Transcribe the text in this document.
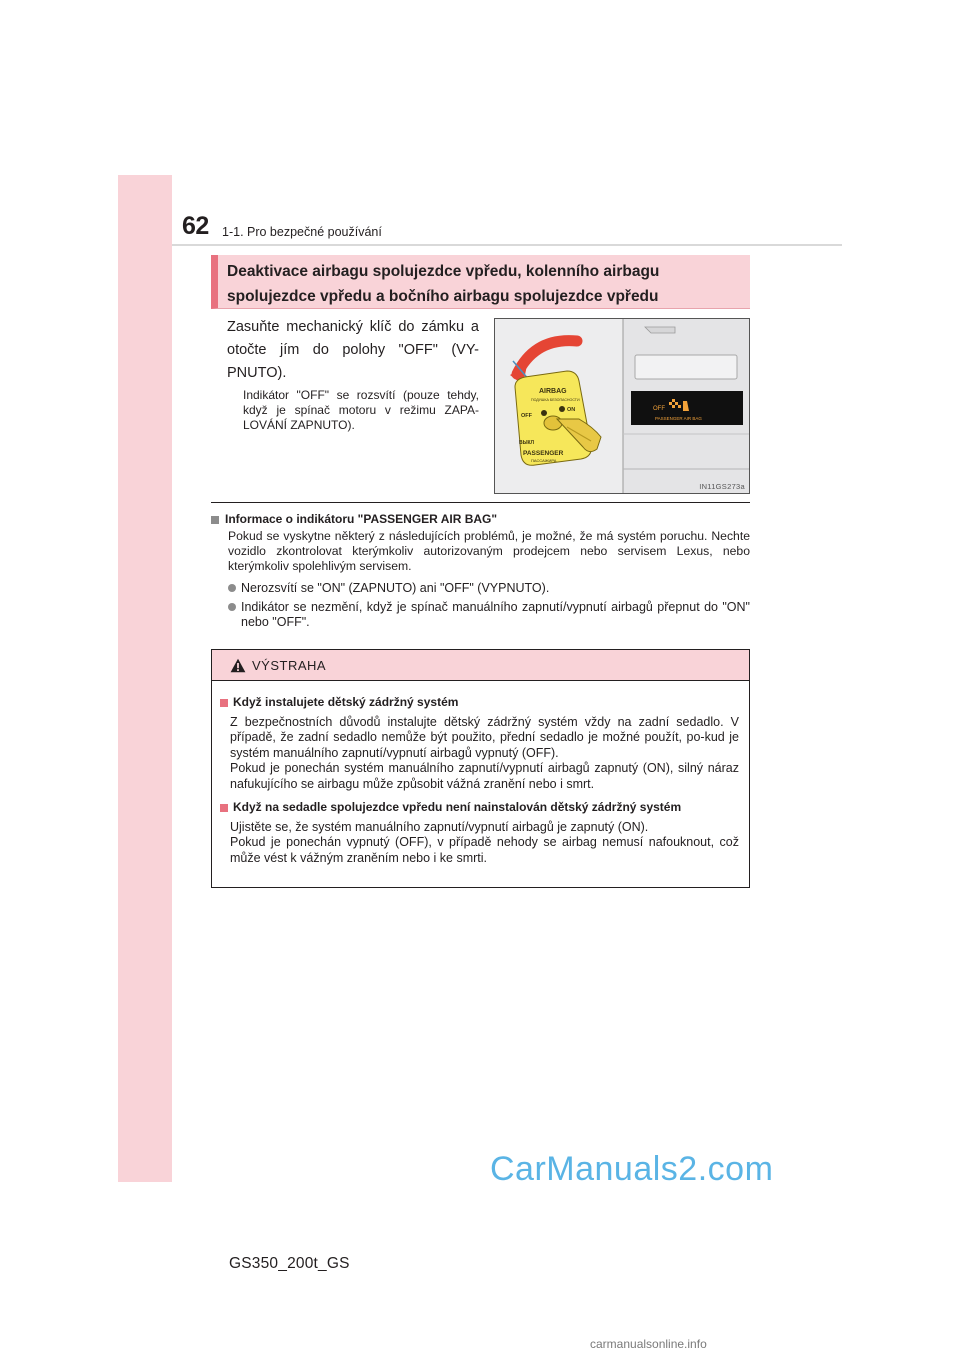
62 1-1. Pro bezpečné používání
Deaktivace airbagu spolujezdce vpředu, kolenního airbagu spolujezdce vpředu a bočního airbagu spolujezdce vpředu
Zasuňte mechanický klíč do zámku a otočte jím do polohy "OFF" (VY-PNUTO).
Indikátor "OFF" se rozsvítí (pouze tehdy, když je spínač motoru v režimu ZAPA-LOVÁNÍ ZAPNUTO).
OFF
PASSENGER AIR BAG
AIRBAG
ПОДУШКА БЕЗОПАСНОСТИ
OFF
ON
ВЫКЛ
PASSENGER
ПАССАЖИРА
IN11GS273a
Informace o indikátoru "PASSENGER AIR BAG"
Pokud se vyskytne některý z následujících problémů, je možné, že má systém poruchu. Nechte vozidlo zkontrolovat kterýmkoliv autorizovaným prodejcem nebo servisem Lexus, nebo kterýmkoliv spolehlivým servisem.
Nerozsvítí se "ON" (ZAPNUTO) ani "OFF" (VYPNUTO).
Indikátor se nezmění, když je spínač manuálního zapnutí/vypnutí airbagů přepnut do "ON" nebo "OFF".
VÝSTRAHA
Když instalujete dětský zádržný systém
Z bezpečnostních důvodů instalujte dětský zádržný systém vždy na zadní sedadlo. V případě, že zadní sedadlo nemůže být použito, přední sedadlo je možné použít, po-kud je systém manuálního zapnutí/vypnutí airbagů vypnutý (OFF).
Pokud je ponechán systém manuálního zapnutí/vypnutí airbagů zapnutý (ON), silný náraz nafukujícího se airbagu může způsobit vážná zranění nebo i smrt.
Když na sedadle spolujezdce vpředu není nainstalován dětský zádržný systém
Ujistěte se, že systém manuálního zapnutí/vypnutí airbagů je zapnutý (ON).
Pokud je ponechán vypnutý (OFF), v případě nehody se airbag nemusí nafouknout, což může vést k vážným zraněním nebo i ke smrti.
GS350_200t_GS
CarManuals2.com
carmanualsonline.info
